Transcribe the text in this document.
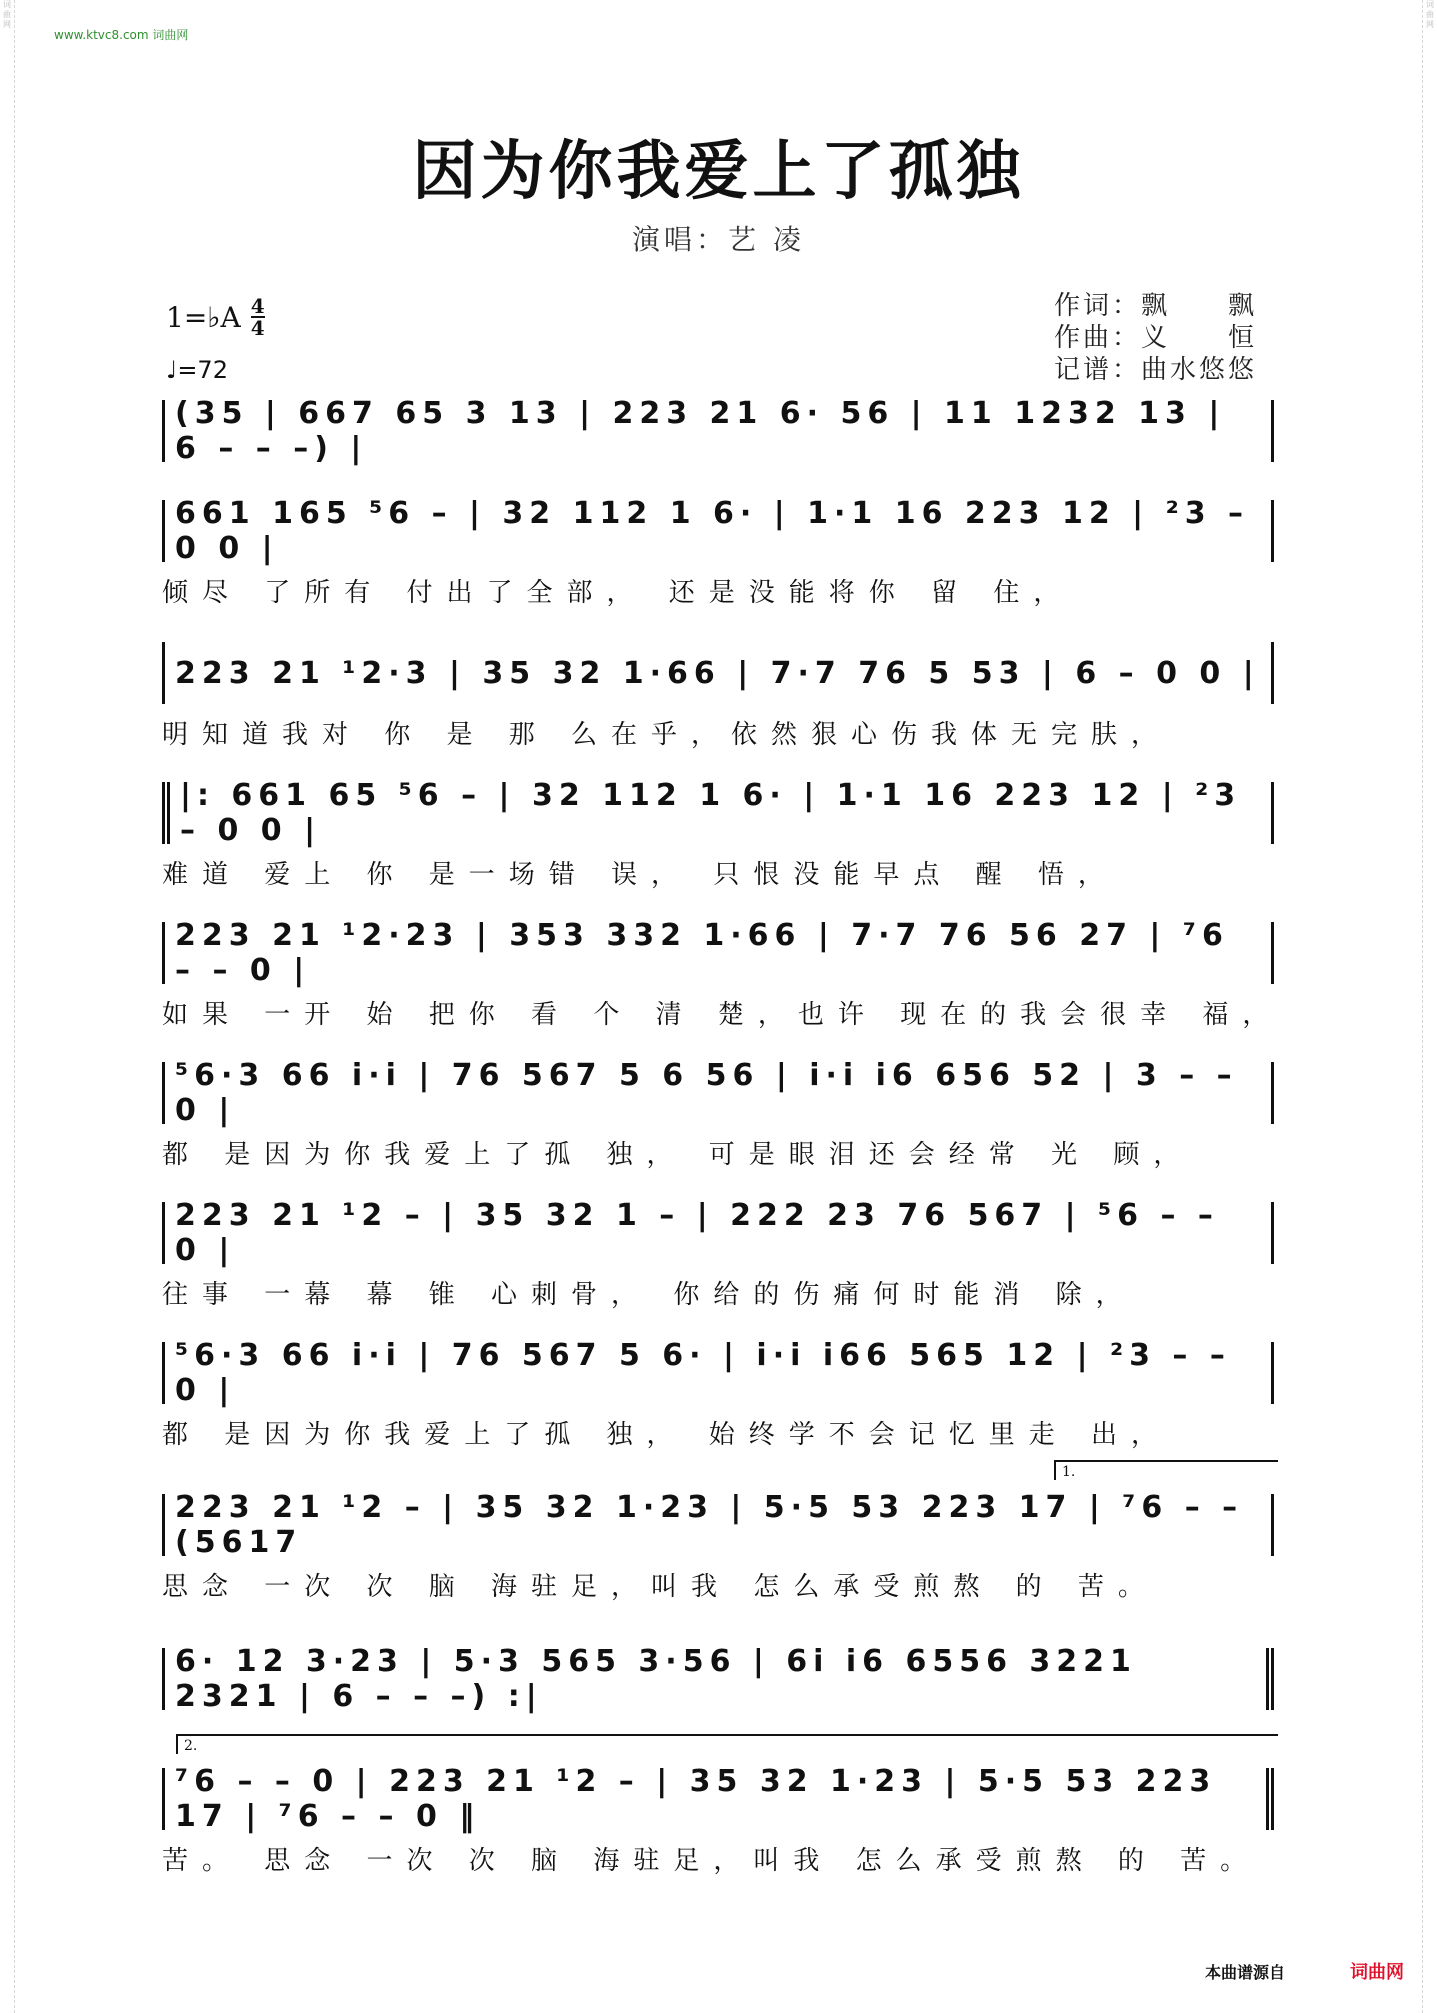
词曲网
词曲网
www.ktvc8.com 词曲网
因为你我爱上了孤独
演唱：艺 凌
1=♭A 4
4
♩=72
作词：飘　　飘
作曲：义　　恒
记谱：曲水悠悠
(35 | 667 65 3 13 | 223 21 6· 56 | 11 1232 13 | 6 – – –) |
661 165 ⁵6 – | 32 112 1 6· | 1·1 16 223 12 | ²3 – 0 0 |
倾尽 了所有 付出了全部， 还是没能将你 留 住，
223 21 ¹2·3 | 35 32 1·66 | 7·7 76 5 53 | 6 – 0 0 |
明知道我对 你 是 那 么在乎，依然狠心伤我体无完肤，
|: 661 65 ⁵6 – | 32 112 1 6· | 1·1 16 223 12 | ²3 – 0 0 |
难道 爱上 你 是一场错 误， 只恨没能早点 醒 悟，
223 21 ¹2·23 | 353 332 1·66 | 7·7 76 56 27 | ⁷6 – – 0 |
如果 一开 始 把你 看 个 清 楚，也许 现在的我会很幸 福，
⁵6·3 66 i·i | 76 567 5 6 56 | i·i i6 656 52 | 3 – – 0 |
都 是因为你我爱上了孤 独， 可是眼泪还会经常 光 顾，
223 21 ¹2 – | 35 32 1 – | 222 23 76 567 | ⁵6 – – 0 |
往事 一幕 幕 锥 心刺骨， 你给的伤痛何时能消 除，
⁵6·3 66 i·i | 76 567 5 6· | i·i i66 565 12 | ²3 – – 0 |
都 是因为你我爱上了孤 独， 始终学不会记忆里走 出，
1.
223 21 ¹2 – | 35 32 1·23 | 5·5 53 223 17 | ⁷6 – –(5617
思念 一次 次 脑 海驻足，叫我 怎么承受煎熬 的 苦。
6· 12 3·23 | 5·3 565 3·56 | 6i i6 6556 3221 2321 | 6 – – –) :|
2.
⁷6 – – 0 | 223 21 ¹2 – | 35 32 1·23 | 5·5 53 223 17 | ⁷6 – – 0 ‖
苦。 思念 一次 次 脑 海驻足，叫我 怎么承受煎熬 的 苦。
本曲谱源自	词曲网
